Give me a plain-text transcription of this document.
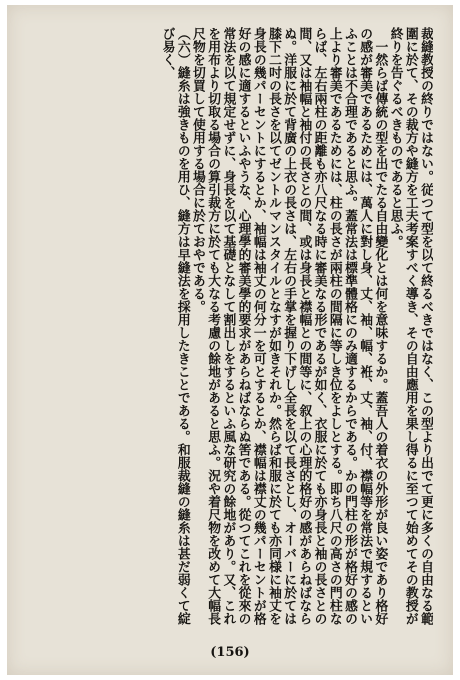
裁縫教授の終りではない。従つて型を以て終るべきではなく、この型より出でて更に多くの自由なる範圍に於て、その裁方や縫方を工夫考案すべく導き、その自由應用を果し得るに至つて始めてその教授が終りを告ぐるべきものであると思ふ。

一然らば傳統の型を出でたる自由變化とは何を意味するか。蓋吾人の着衣の外形が良い姿であり格好の感が審美であるためには、萬人に對し身、丈、袖、幅、袵、丈、袖、付、襟幅等を常法で規するといふことは不合理であると思ふ。蓋常法は標準體格にのみ適するからである。かの門柱の形が格好の感の上より審美であるためには、柱の長さが兩柱の間隔に等しき位をよしとする。即ち八尺の高さの門柱ならば、左右兩柱の距離も亦八尺なる時に審美なる形であるが如く、衣服に於ても亦身長と袖の長さとの間、又は袖幅と袖付の長さとの間、或は身長と襟幅との間等に、叙上の心理的格好の感があらねばならぬ。洋服に於て背廣の上衣の長さは、左右の手掌を握り下げし全長を以て長さとし、オーバーに於ては膝下二吋の長さを以てゼントルマンスタイルとなすが如きそれか。然らば和服に於ても亦同様に袖丈を身長の幾パーセントにするとか、袖幅は袖丈の何分一を可とするとか、襟幅は襟丈の幾パーセントが格好の感に適するといふやうな、心理學的審美學的要求があらねばならぬ筈である。從つてこれを從來の常法を以て規定せずに、身長を以て基礎となして割出しをするといふ風な研究の餘地があり。又、これを用布より切取る場合の算引裁方に於ても大なる考慮の餘地があると思ふ。況や着尺物を改めて大幅長尺物を切買して使用する場合に於ておやである。

（六）縫糸は強きものを用ひ、縫方は早縫法を採用したきことである。和服裁縫の縫糸は甚だ弱くて綻び易く、

(156)
